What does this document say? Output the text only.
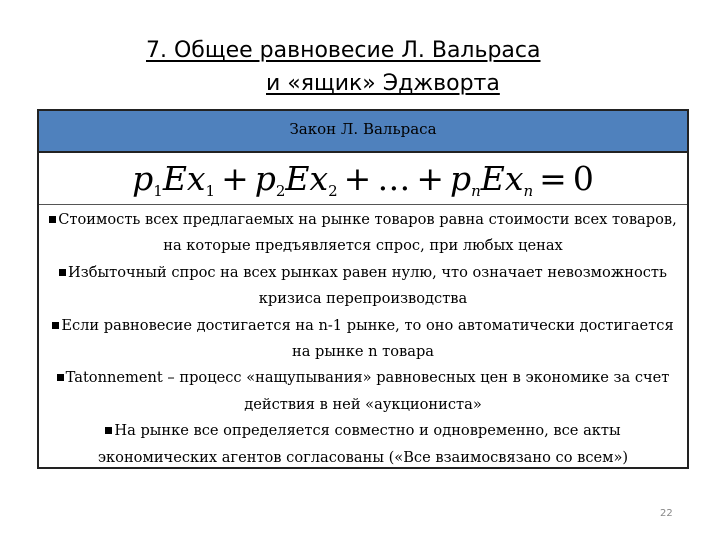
7. Общее равновесие Л. Вальраса
и «ящик» Эджворта
Закон Л. Вальраса
$p_1Ex_1 + p_2Ex_2$ + … + $p_nEx_n = 0$

Стоимость всех предлагаемых на рынке товаров равна стоимости всех товаров, на которые предъявляется спрос, при любых ценах

Избыточный спрос на всех рынках равен нулю, что означает невозможность кризиса перепроизводства

Если равновесие достигается на n-1 рынке, то оно автоматически достигается на рынке n товара

Tatonnement – процесс «нащупывания» равновесных цен в экономике за счет действия в ней «аукциониста»

На рынке все определяется совместно и одновременно, все акты экономических агентов согласованы («Все взаимосвязано со всем»)

22
